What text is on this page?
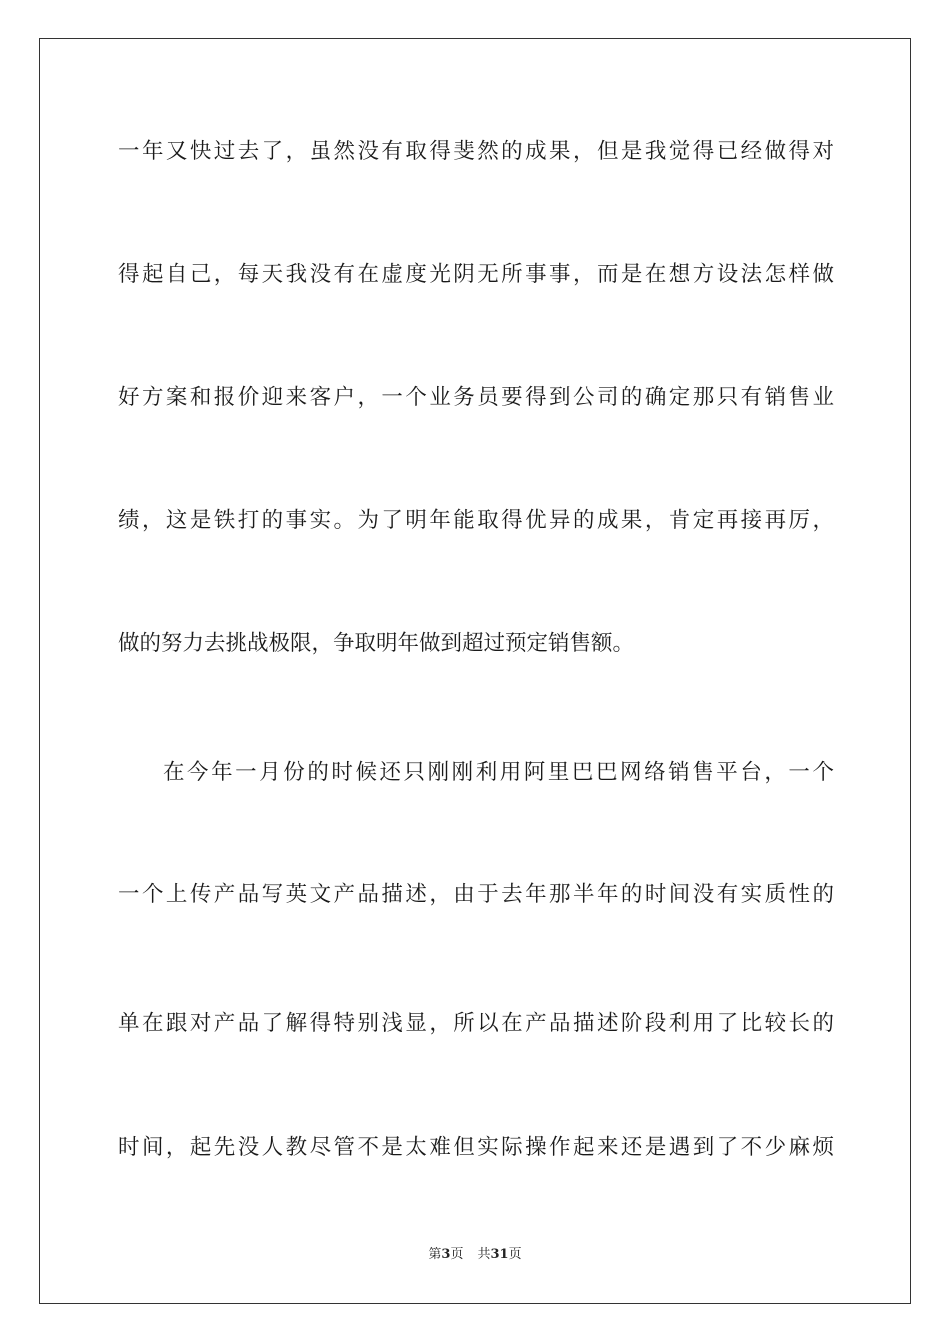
一年又快过去了，虽然没有取得斐然的成果，但是我觉得已经做得对
得起自己，每天我没有在虚度光阴无所事事，而是在想方设法怎样做
好方案和报价迎来客户，一个业务员要得到公司的确定那只有销售业
绩，这是铁打的事实。为了明年能取得优异的成果，肯定再接再厉，
做的努力去挑战极限，争取明年做到超过预定销售额。
在今年一月份的时候还只刚刚利用阿里巴巴网络销售平台，一个
一个上传产品写英文产品描述，由于去年那半年的时间没有实质性的
单在跟对产品了解得特别浅显，所以在产品描述阶段利用了比较长的
时间，起先没人教尽管不是太难但实际操作起来还是遇到了不少麻烦
第3页 共31页
